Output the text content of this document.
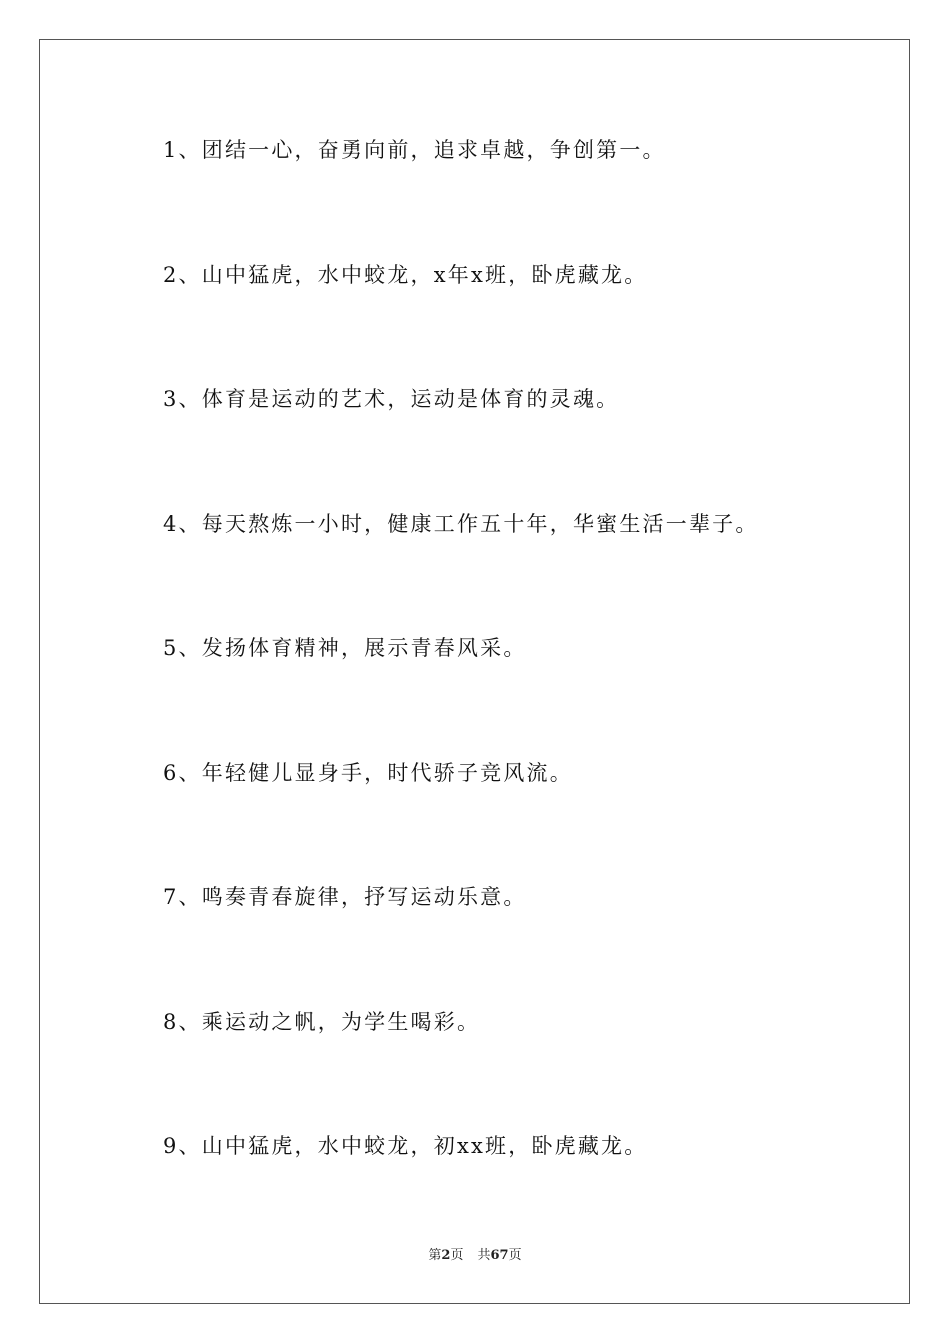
1、团结一心，奋勇向前，追求卓越，争创第一。
2、山中猛虎，水中蛟龙，x年x班，卧虎藏龙。
3、体育是运动的艺术，运动是体育的灵魂。
4、每天熬炼一小时，健康工作五十年，华蜜生活一辈子。
5、发扬体育精神，展示青春风采。
6、年轻健儿显身手，时代骄子竞风流。
7、鸣奏青春旋律，抒写运动乐意。
8、乘运动之帆，为学生喝彩。
9、山中猛虎，水中蛟龙，初xx班，卧虎藏龙。
第2页 共67页
